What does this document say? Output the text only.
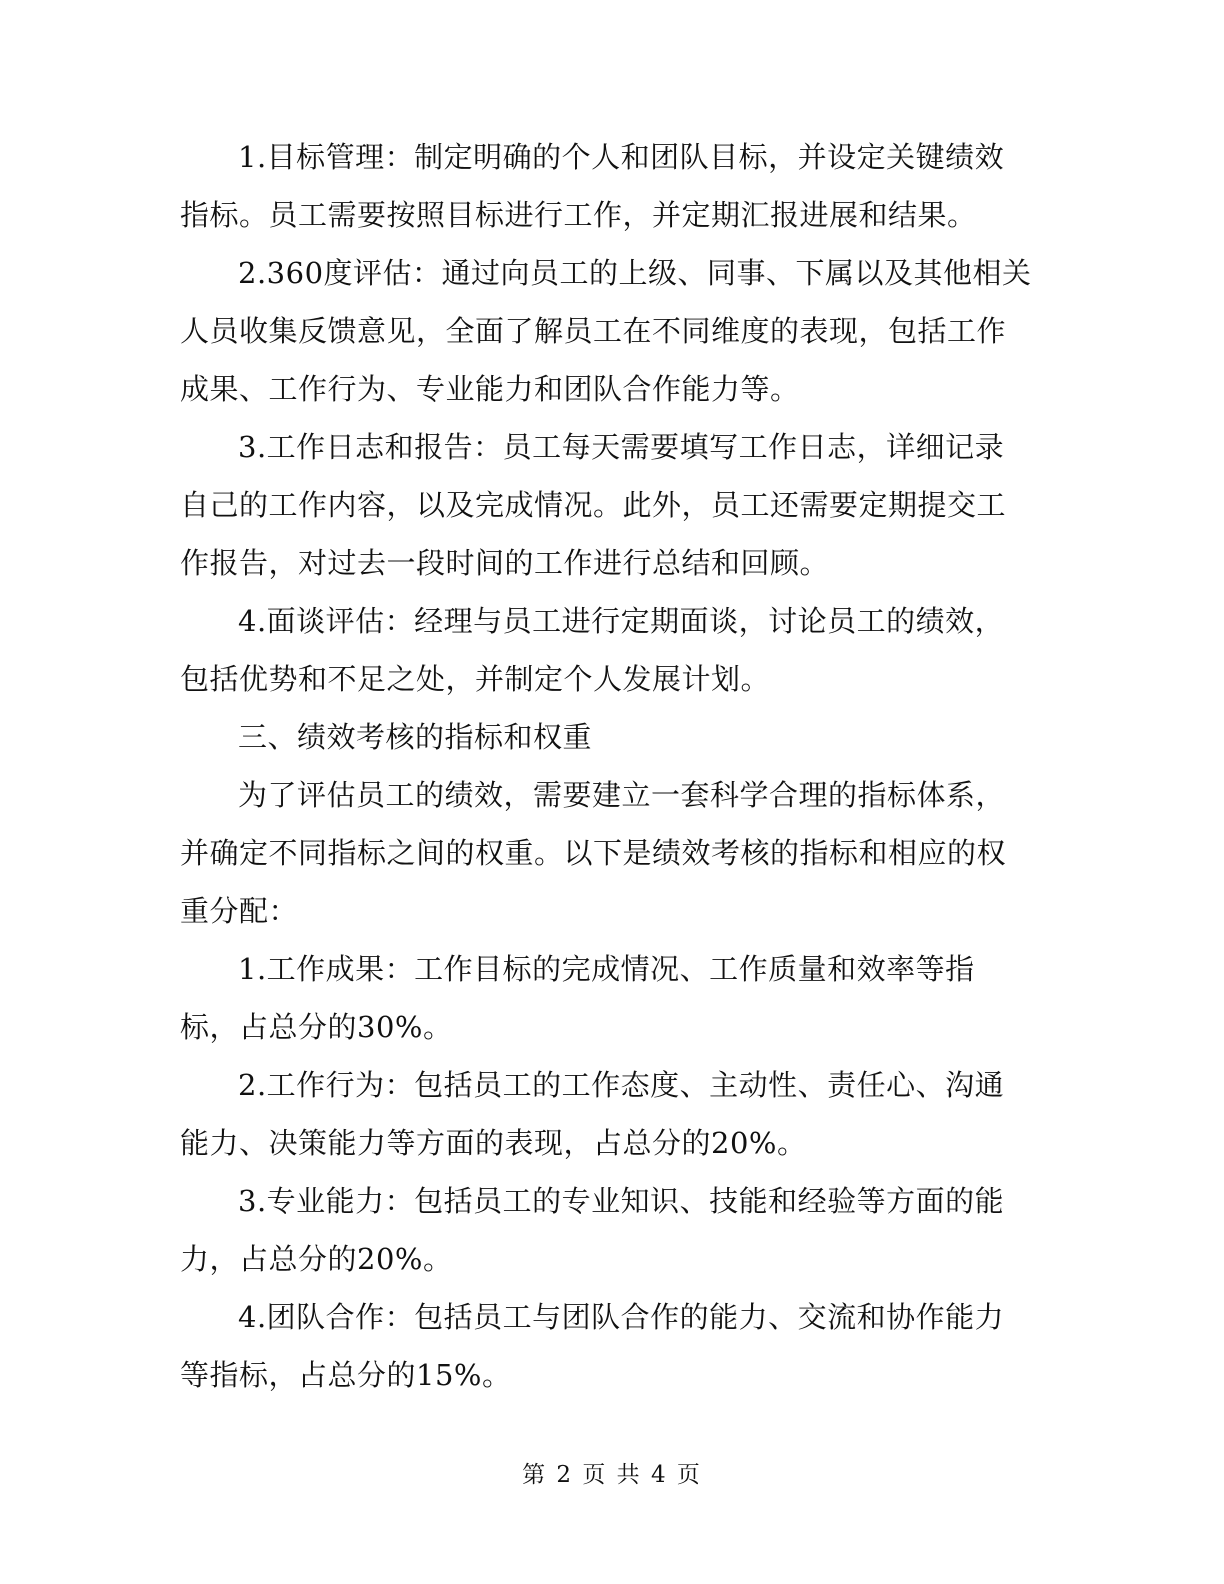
1.目标管理：制定明确的个人和团队目标，并设定关键绩效
指标。员工需要按照目标进行工作，并定期汇报进展和结果。
2.360度评估：通过向员工的上级、同事、下属以及其他相关
人员收集反馈意见，全面了解员工在不同维度的表现，包括工作
成果、工作行为、专业能力和团队合作能力等。
3.工作日志和报告：员工每天需要填写工作日志，详细记录
自己的工作内容，以及完成情况。此外，员工还需要定期提交工
作报告，对过去一段时间的工作进行总结和回顾。
4.面谈评估：经理与员工进行定期面谈，讨论员工的绩效，
包括优势和不足之处，并制定个人发展计划。
三、绩效考核的指标和权重
为了评估员工的绩效，需要建立一套科学合理的指标体系，
并确定不同指标之间的权重。以下是绩效考核的指标和相应的权
重分配：
1.工作成果：工作目标的完成情况、工作质量和效率等指
标，占总分的30%。
2.工作行为：包括员工的工作态度、主动性、责任心、沟通
能力、决策能力等方面的表现，占总分的20%。
3.专业能力：包括员工的专业知识、技能和经验等方面的能
力，占总分的20%。
4.团队合作：包括员工与团队合作的能力、交流和协作能力
等指标，占总分的15%。
第 2 页 共 4 页
